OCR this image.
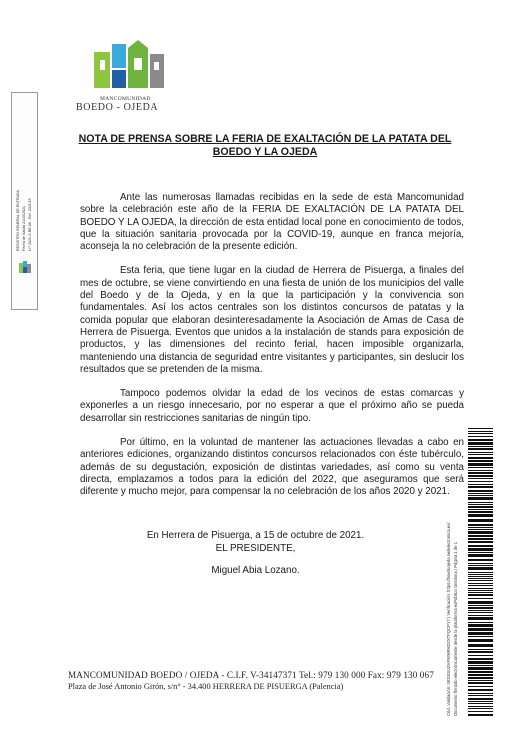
MANCOMUNIDAD
BOEDO - OJEDA
REGISTRO GENERAL DE ENTRADA Fecha de Salida 21/10/2021 N.º 2021-S-RE-66 - Ref. 2021/15
NOTA DE PRENSA SOBRE LA FERIA DE EXALTACIÓN DE LA PATATA DEL BOEDO Y LA OJEDA

Ante las numerosas llamadas recibidas en la sede de esta Mancomunidad sobre la celebración este año de la FERIA DE EXALTACIÓN DE LA PATATA DEL BOEDO Y LA OJEDA, la dirección de esta entidad local pone en conocimiento de todos, que la situación sanitaria provocada por la COVID-19, aunque en franca mejoría, aconseja la no celebración de la presente edición.

Esta feria, que tiene lugar en la ciudad de Herrera de Pisuerga, a finales del mes de octubre, se viene convirtiendo en una fiesta de unión de los municipios del valle del Boedo y de la Ojeda, y en la que la participación y la convivencia son fundamentales. Así los actos centrales son los distintos concursos de patatas y la comida popular que elaboran desinteresadamente la Asociación de Amas de Casa de Herrera de Pisuerga. Eventos que unidos a la instalación de stands para exposición de productos, y las dimensiones del recinto ferial, hacen imposible organizarla, manteniendo una distancia de seguridad entre visitantes y participantes, sin deslucir los resultados que se pretenden de la misma.

Tampoco podemos olvidar la edad de los vecinos de estas comarcas y exponerles a un riesgo innecesario, por no esperar a que el próximo año se pueda desarrollar sin restricciones sanitarias de ningún tipo.

Por último, en la voluntad de mantener las actuaciones llevadas a cabo en anteriores ediciones, organizando distintos concursos relacionados con éste tubérculo, además de su degustación, exposición de distintas variedades, así como su venta directa, emplazamos a todos para la edición del 2022, que aseguramos que será diferente y mucho mejor, para compensar la no celebración de los años 2020 y 2021.

En Herrera de Pisuerga, a 15 de octubre de 2021.
EL PRESIDENTE,
Miguel Abia Lozano.
MANCOMUNIDAD BOEDO / OJEDA - C.I.F. V-34147371 Tel.: 979 130 000 Fax: 979 130 067
Plaza de José Antonio Girón, s/n° - 34.400 HERRERA DE PISUERGA (Palencia)	Cód. Validación: 3KDSSUZAFWMRHD2XTFQCPY7 | Verificación: https://boedoojeda.sedelectronica.es/ Documento firmado electrónicamente desde la plataforma esPublico Gestiona | Página 1 de 1
